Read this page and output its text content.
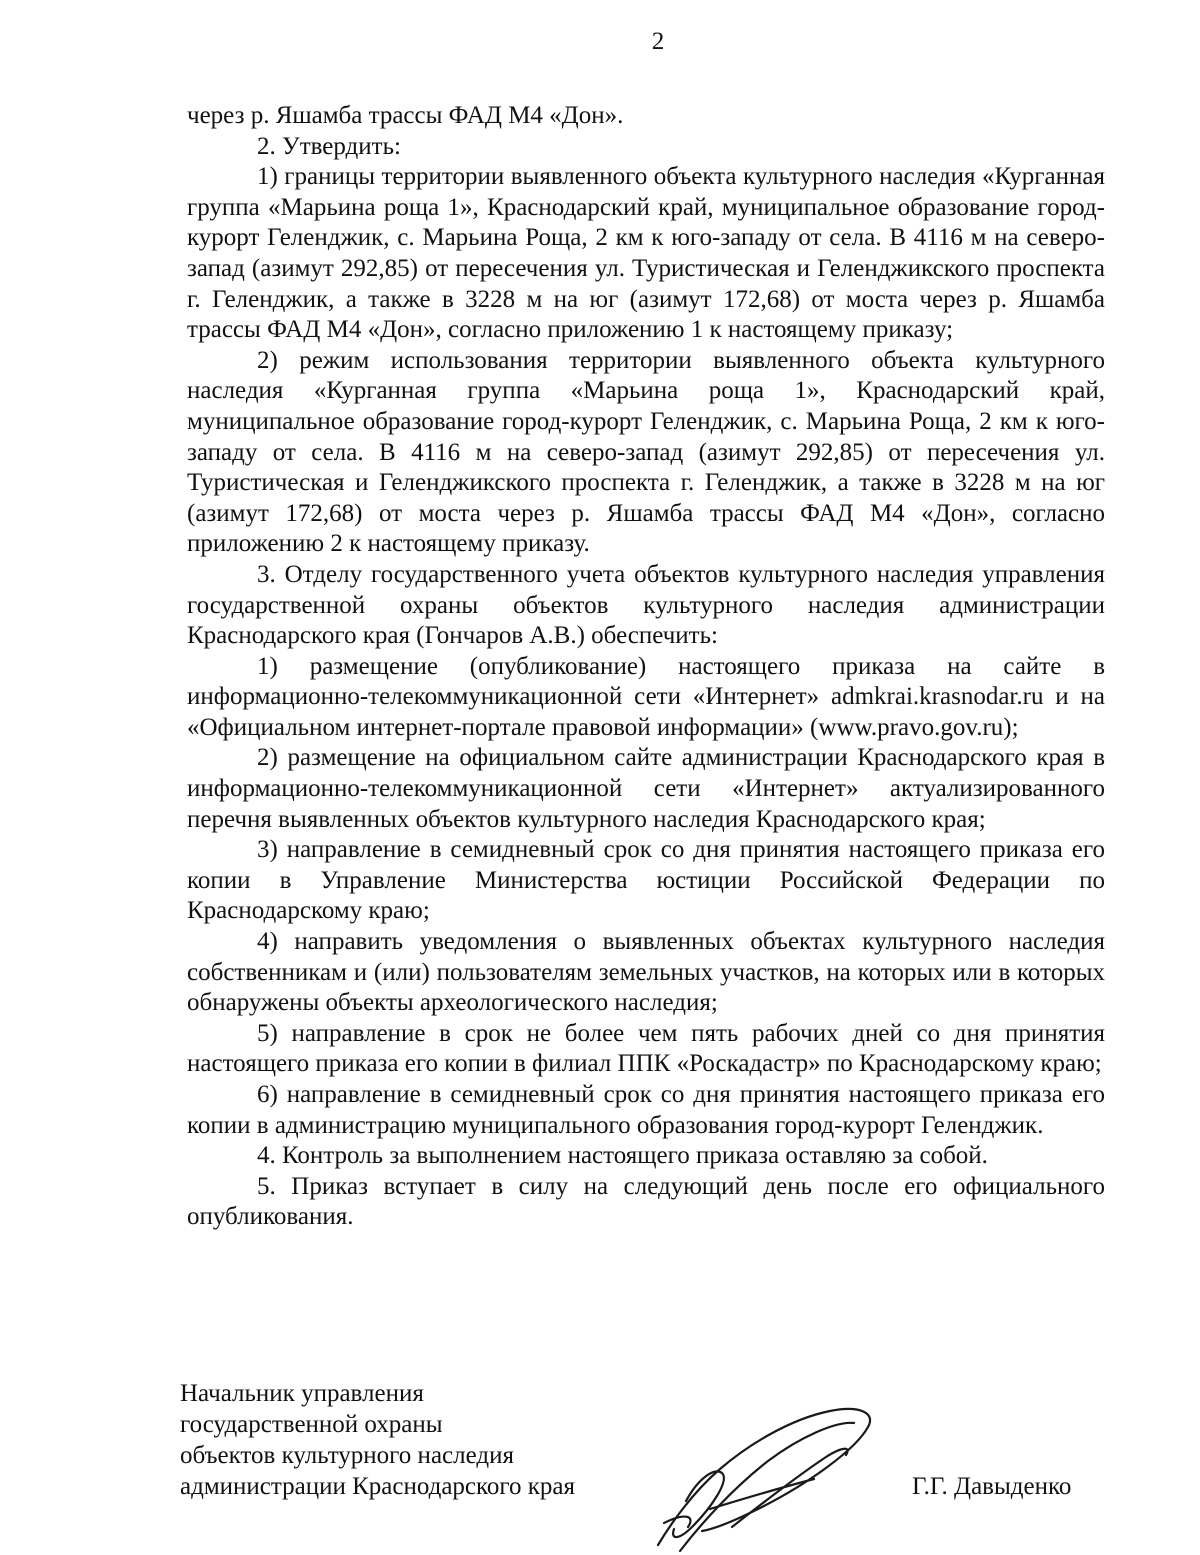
2

через р. Яшамба трассы ФАД М4 «Дон».

2. Утвердить:

1) границы территории выявленного объекта культурного наследия «Курганная группа «Марьина роща 1», Краснодарский край, муниципальное образование город-курорт Геленджик, с. Марьина Роща, 2 км к юго-западу от села. В 4116 м на северо-запад (азимут 292,85) от пересечения ул. Туристическая и Геленджикского проспекта г. Геленджик, а также в 3228 м на юг (азимут 172,68) от моста через р. Яшамба трассы ФАД М4 «Дон», согласно приложению 1 к настоящему приказу;

2) режим использования территории выявленного объекта культурного наследия «Курганная группа «Марьина роща 1», Краснодарский край, муниципальное образование город-курорт Геленджик, с. Марьина Роща, 2 км к юго-западу от села. В 4116 м на северо-запад (азимут 292,85) от пересечения ул. Туристическая и Геленджикского проспекта г. Геленджик, а также в 3228 м на юг (азимут 172,68) от моста через р. Яшамба трассы ФАД М4 «Дон», согласно приложению 2 к настоящему приказу.

3. Отделу государственного учета объектов культурного наследия управления государственной охраны объектов культурного наследия администрации Краснодарского края (Гончаров А.В.) обеспечить:

1) размещение (опубликование) настоящего приказа на сайте в информационно-телекоммуникационной сети «Интернет» admkrai.krasnodar.ru и на «Официальном интернет-портале правовой информации» (www.pravo.gov.ru);

2) размещение на официальном сайте администрации Краснодарского края в информационно-телекоммуникационной сети «Интернет» актуализированного перечня выявленных объектов культурного наследия Краснодарского края;

3) направление в семидневный срок со дня принятия настоящего приказа его копии в Управление Министерства юстиции Российской Федерации по Краснодарскому краю;

4) направить уведомления о выявленных объектах культурного наследия собственникам и (или) пользователям земельных участков, на которых или в которых обнаружены объекты археологического наследия;

5) направление в срок не более чем пять рабочих дней со дня принятия настоящего приказа его копии в филиал ППК «Роскадастр» по Краснодарскому краю;

6) направление в семидневный срок со дня принятия настоящего приказа его копии в администрацию муниципального образования город-курорт Геленджик.

4. Контроль за выполнением настоящего приказа оставляю за собой.

5. Приказ вступает в силу на следующий день после его официального опубликования.

Начальник управления
государственной охраны
объектов культурного наследия
администрации Краснодарского края	Г.Г. Давыденко
